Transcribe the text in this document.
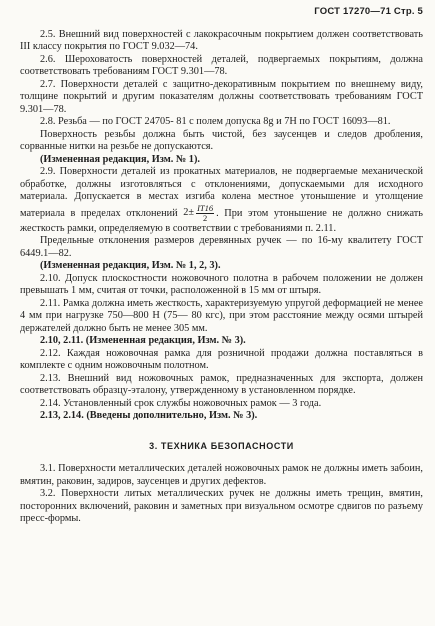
ГОСТ 17270—71 Стр. 5

2.5. Внешний вид поверхностей с лакокрасочным покрытием должен соответствовать III классу покрытия по ГОСТ 9.032—74.

2.6. Шероховатость поверхностей деталей, подвергаемых покрытиям, должна соответствовать требованиям ГОСТ 9.301—78.

2.7. Поверхности деталей с защитно-декоративным покрытием по внешнему виду, толщине покрытий и другим показателям должны соответствовать требованиям ГОСТ 9.301—78.

2.8. Резьба — по ГОСТ 24705- 81 с полем допуска 8g и 7H по ГОСТ 16093—81.

Поверхность резьбы должна быть чистой, без заусенцев и следов дробления, сорванные нитки на резьбе не допускаются.

(Измененная редакция, Изм. № 1).

2.9. Поверхности деталей из прокатных материалов, не подвергаемые механической обработке, должны изготовляться с отклонениями, допускаемыми для исходного материала. Допускается в местах изгиба колена местное утонышение и утолщение материала в пределах отклонений $2\pm \frac{IT16}{2}$ . При этом утоньшение не должно снижать жесткость рамки, определяемую в соответствии с требованиями п. 2.11.

Предельные отклонения размеров деревянных ручек — по 16-му квалитету ГОСТ 6449.1—82.

(Измененная редакция, Изм. № 1, 2, 3).

2.10. Допуск плоскостности ножовочного полотна в рабочем положении не должен превышать 1 мм, считая от точки, расположенной в 15 мм от штыря.

2.11. Рамка должна иметь жесткость, характеризуемую упругой деформацией не менее 4 мм при нагрузке 750—800 Н (75— 80 кгс), при этом расстояние между осями штырей держателей должно быть не менее 305 мм.

2.10, 2.11. (Измененная редакция, Изм. № 3).

2.12. Каждая ножовочная рамка для розничной продажи должна поставляться в комплекте с одним ножовочным полотном.

2.13. Внешний вид ножовочных рамок, предназначенных для экспорта, должен соответствовать образцу-эталону, утвержденному в установленном порядке.

2.14. Установленный срок службы ножовочных рамок — 3 года.

2.13, 2.14. (Введены дополнительно, Изм. № 3).

3. ТЕХНИКА БЕЗОПАСНОСТИ

3.1. Поверхности металлических деталей ножовочных рамок не должны иметь забоин, вмятин, раковин, задиров, заусенцев и других дефектов.

3.2. Поверхности литых металлических ручек не должны иметь трещин, вмятин, посторонних включений, раковин и заметных при визуальном осмотре сдвигов по разъему пресс-формы.
